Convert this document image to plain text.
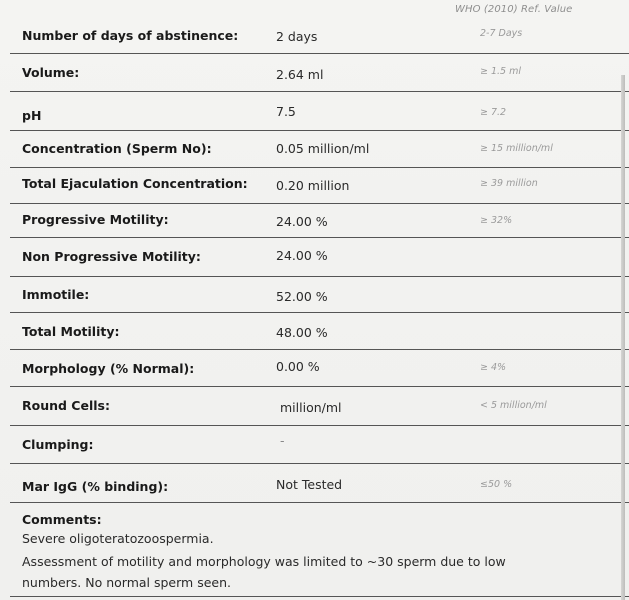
WHO (2010) Ref. Value
Number of days of abstinence:	2 days	2-7 Days
Volume:	2.64 ml	≥ 1.5 ml
pH	7.5	≥ 7.2
Concentration (Sperm No):	0.05 million/ml	≥ 15 million/ml
Total Ejaculation Concentration: 0.20 million	≥ 39 million
Progressive Motility:	24.00 %	≥ 32%
Non Progressive Motility:	24.00 %
Immotile:	52.00 %
Total Motility:	48.00 %
Morphology (% Normal):	0.00 %	≥ 4%
Round Cells:	million/ml	< 5 million/ml
Clumping:	-
Mar IgG (% binding):	Not Tested	≤50 %
Comments:
Severe oligoteratozoospermia.
Assessment of motility and morphology was limited to ~30 sperm due to low
numbers. No normal sperm seen.
